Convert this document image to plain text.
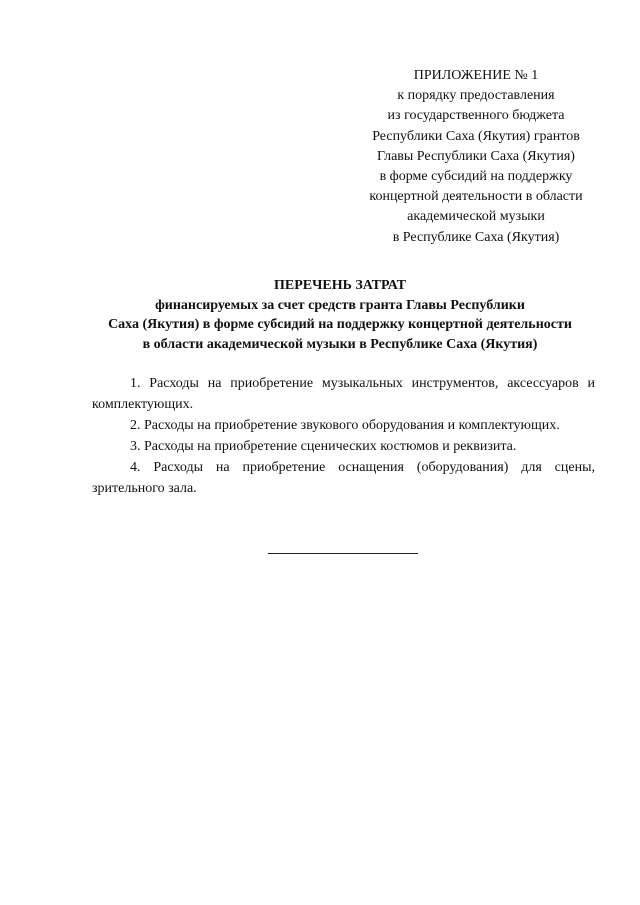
ПРИЛОЖЕНИЕ № 1
к порядку предоставления
из государственного бюджета
Республики Саха (Якутия) грантов
Главы Республики Саха (Якутия)
в форме субсидий на поддержку
концертной деятельности в области
академической музыки
в Республике Саха (Якутия)
ПЕРЕЧЕНЬ ЗАТРАТ
финансируемых за счет средств гранта Главы Республики
Саха (Якутия) в форме субсидий на поддержку концертной деятельности
в области академической музыки в Республике Саха (Якутия)

1. Расходы на приобретение музыкальных инструментов, аксессуаров и комплектующих.

2. Расходы на приобретение звукового оборудования и комплектующих.

3. Расходы на приобретение сценических костюмов и реквизита.

4. Расходы на приобретение оснащения (оборудования) для сцены, зрительного зала.
